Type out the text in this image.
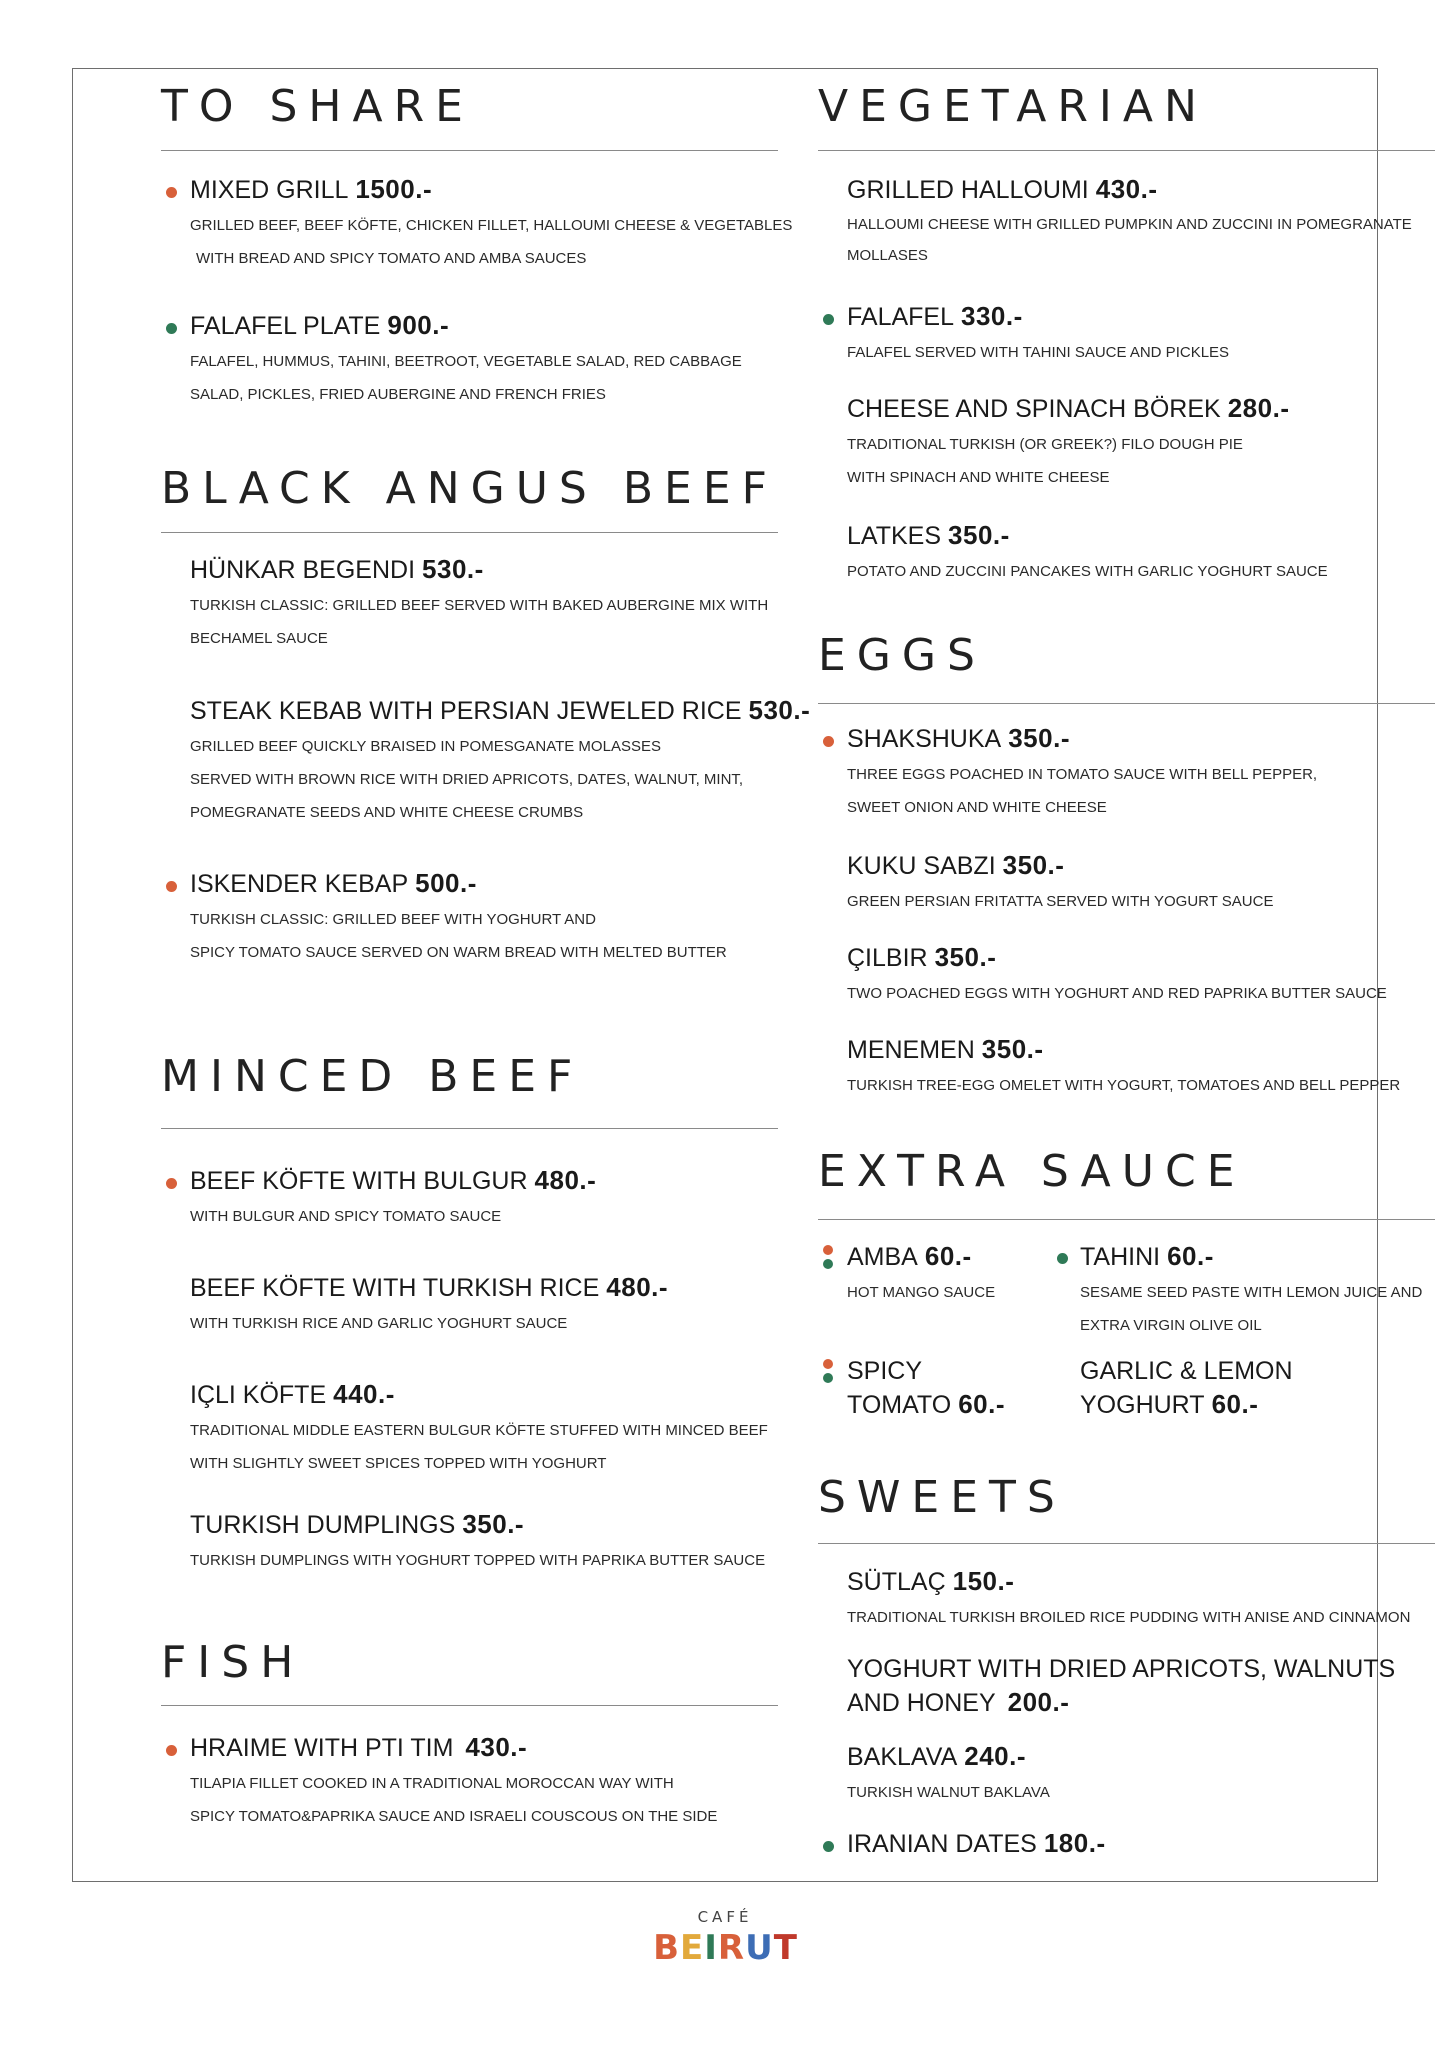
TO SHARE
MIXED GRILL 1500.-
GRILLED BEEF, BEEF KÖFTE, CHICKEN FILLET, HALLOUMI CHEESE & VEGETABLES
WITH BREAD AND SPICY TOMATO AND AMBA SAUCES
FALAFEL PLATE 900.-
FALAFEL, HUMMUS, TAHINI, BEETROOT, VEGETABLE SALAD, RED CABBAGE
SALAD, PICKLES, FRIED AUBERGINE AND FRENCH FRIES
BLACK ANGUS BEEF
HÜNKAR BEGENDI 530.-
TURKISH CLASSIC: GRILLED BEEF SERVED WITH BAKED AUBERGINE MIX WITH
BECHAMEL SAUCE
STEAK KEBAB WITH PERSIAN JEWELED RICE 530.-
GRILLED BEEF QUICKLY BRAISED IN POMESGANATE MOLASSES
SERVED WITH BROWN RICE WITH DRIED APRICOTS, DATES, WALNUT, MINT,
POMEGRANATE SEEDS AND WHITE CHEESE CRUMBS
ISKENDER KEBAP 500.-
TURKISH CLASSIC: GRILLED BEEF WITH YOGHURT AND
SPICY TOMATO SAUCE SERVED ON WARM BREAD WITH MELTED BUTTER
MINCED BEEF
BEEF KÖFTE WITH BULGUR 480.-
WITH BULGUR AND SPICY TOMATO SAUCE
BEEF KÖFTE WITH TURKISH RICE 480.-
WITH TURKISH RICE AND GARLIC YOGHURT SAUCE
IÇLI KÖFTE 440.-
TRADITIONAL MIDDLE EASTERN BULGUR KÖFTE STUFFED WITH MINCED BEEF
WITH SLIGHTLY SWEET SPICES TOPPED WITH YOGHURT
TURKISH DUMPLINGS 350.-
TURKISH DUMPLINGS WITH YOGHURT TOPPED WITH PAPRIKA BUTTER SAUCE
FISH
HRAIME WITH PTI TIM 430.-
TILAPIA FILLET COOKED IN A TRADITIONAL MOROCCAN WAY WITH
SPICY TOMATO&PAPRIKA SAUCE AND ISRAELI COUSCOUS ON THE SIDE
VEGETARIAN
GRILLED HALLOUMI 430.-
HALLOUMI CHEESE WITH GRILLED PUMPKIN AND ZUCCINI IN POMEGRANATE
MOLLASES
FALAFEL 330.-
FALAFEL SERVED WITH TAHINI SAUCE AND PICKLES
CHEESE AND SPINACH BÖREK 280.-
TRADITIONAL TURKISH (OR GREEK?) FILO DOUGH PIE
WITH SPINACH AND WHITE CHEESE
LATKES 350.-
POTATO AND ZUCCINI PANCAKES WITH GARLIC YOGHURT SAUCE
EGGS
SHAKSHUKA 350.-
THREE EGGS POACHED IN TOMATO SAUCE WITH BELL PEPPER,
SWEET ONION AND WHITE CHEESE
KUKU SABZI 350.-
GREEN PERSIAN FRITATTA SERVED WITH YOGURT SAUCE
ÇILBIR 350.-
TWO POACHED EGGS WITH YOGHURT AND RED PAPRIKA BUTTER SAUCE
MENEMEN 350.-
TURKISH TREE-EGG OMELET WITH YOGURT, TOMATOES AND BELL PEPPER
EXTRA SAUCE
AMBA 60.-
HOT MANGO SAUCE
TAHINI 60.-
SESAME SEED PASTE WITH LEMON JUICE AND
EXTRA VIRGIN OLIVE OIL
SPICY
TOMATO 60.-
GARLIC & LEMON
YOGHURT 60.-
SWEETS
SÜTLAÇ 150.-
TRADITIONAL TURKISH BROILED RICE PUDDING WITH ANISE AND CINNAMON
YOGHURT WITH DRIED APRICOTS, WALNUTS
AND HONEY 200.-
BAKLAVA 240.-
TURKISH WALNUT BAKLAVA
IRANIAN DATES 180.-
CAFÉ
B E I R U T
